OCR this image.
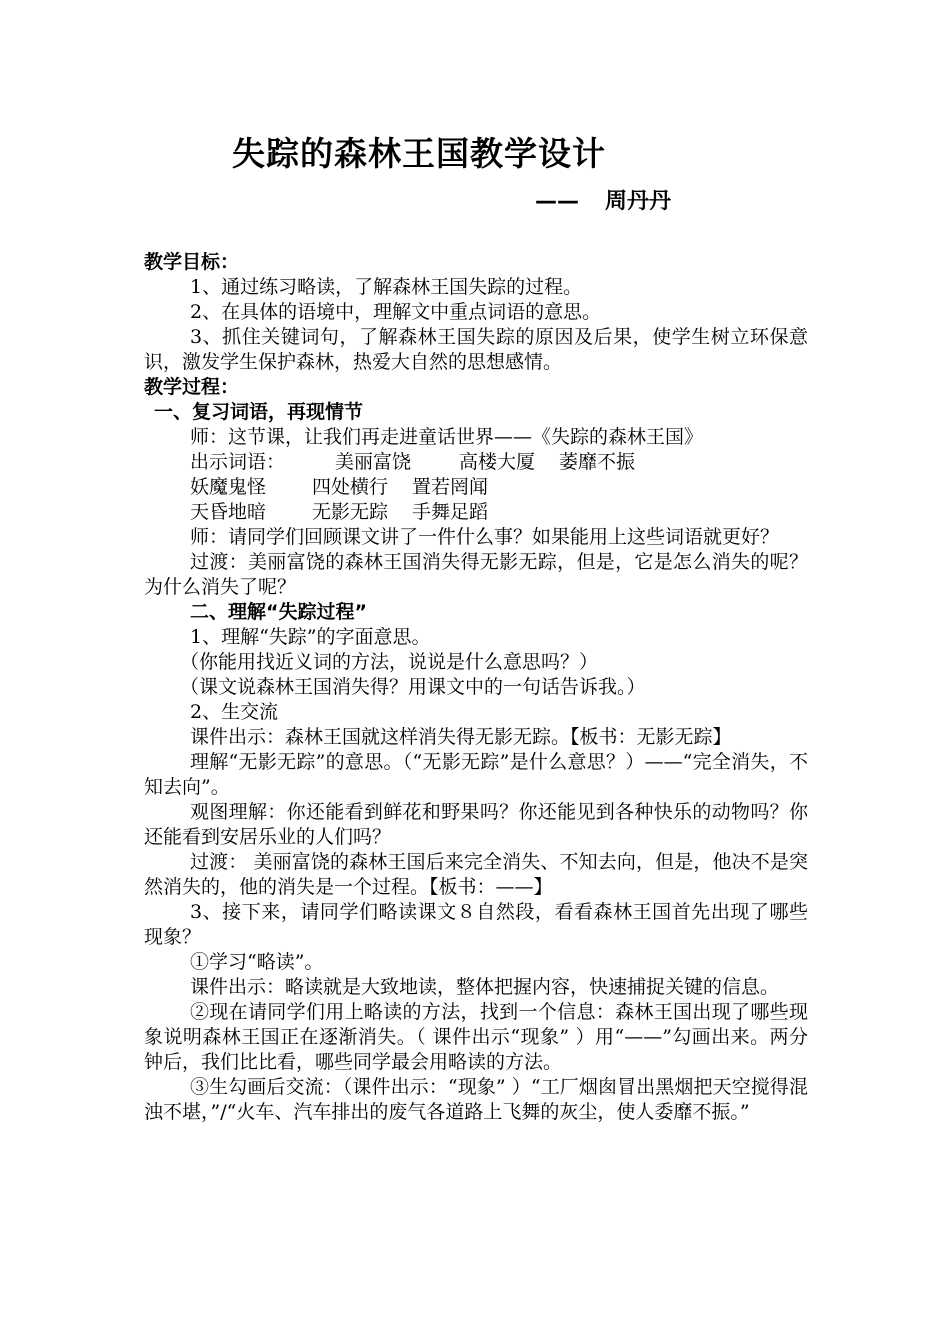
失踪的森林王国教学设计
—— 周丹丹
教学目标：
1、通过练习略读，了解森林王国失踪的过程。
2、在具体的语境中，理解文中重点词语的意思。
3、抓住关键词句，了解森林王国失踪的原因及后果，使学生树立环保意识，激发学生保护森林，热爱大自然的思想感情。
教学过程：
一、复习词语，再现情节
师：这节课，让我们再走进童话世界——《失踪的森林王国》
出示词语：	美丽富饶	高楼大厦 萎靡不振
妖魔鬼怪 四处横行 置若罔闻
天昏地暗 无影无踪 手舞足蹈
师：请同学们回顾课文讲了一件什么事？如果能用上这些词语就更好？
过渡：美丽富饶的森林王国消失得无影无踪，但是，它是怎么消失的呢？为什么消失了呢？
二、理解“失踪过程”
1、理解“失踪”的字面意思。
（你能用找近义词的方法，说说是什么意思吗？）
（课文说森林王国消失得？用课文中的一句话告诉我。）
2、生交流
课件出示：森林王国就这样消失得无影无踪。【板书：无影无踪】
理解“无影无踪”的意思。（“无影无踪”是什么意思？）——“完全消失，不知去向”。
观图理解：你还能看到鲜花和野果吗？你还能见到各种快乐的动物吗？你还能看到安居乐业的人们吗？
过渡： 美丽富饶的森林王国后来完全消失、不知去向，但是，他决不是突然消失的，他的消失是一个过程。【板书：——】
3、接下来，请同学们略读课文８自然段，看看森林王国首先出现了哪些现象？
①学习“略读”。
课件出示：略读就是大致地读，整体把握内容，快速捕捉关键的信息。
②现在请同学们用上略读的方法，找到一个信息：森林王国出现了哪些现象说明森林王国正在逐渐消失。（ 课件出示“现象” ）用“——”勾画出来。两分钟后，我们比比看，哪些同学最会用略读的方法。
③生勾画后交流：（课件出示：“现象” ）“工厂烟囱冒出黑烟把天空搅得混浊不堪，”/“火车、汽车排出的废气各道路上飞舞的灰尘，使人委靡不振。”
